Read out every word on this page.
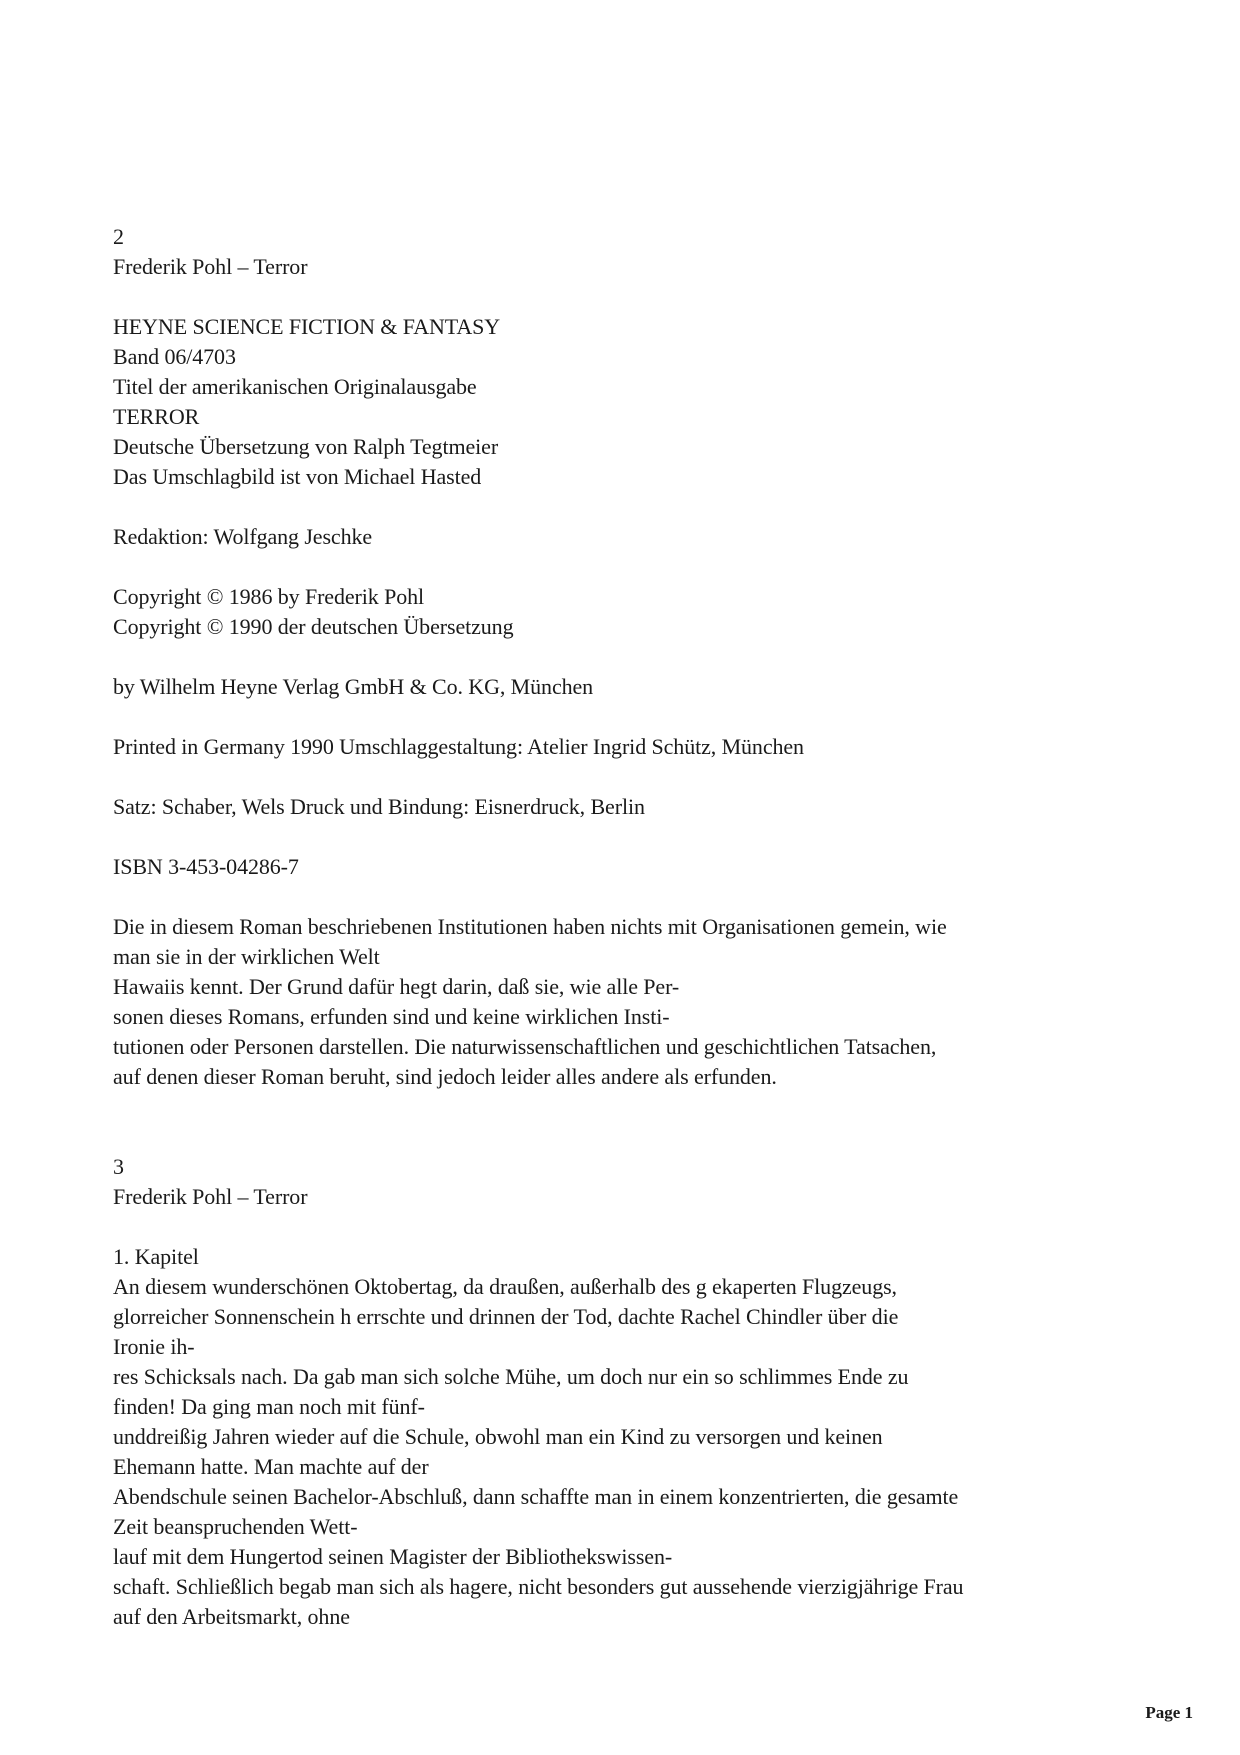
2
Frederik Pohl – Terror
HEYNE SCIENCE FICTION & FANTASY
Band 06/4703
Titel der amerikanischen Originalausgabe
TERROR
Deutsche Übersetzung von Ralph Tegtmeier
Das Umschlagbild ist von Michael Hasted
Redaktion: Wolfgang Jeschke
Copyright © 1986 by Frederik Pohl
Copyright © 1990 der deutschen Übersetzung
by Wilhelm Heyne Verlag GmbH & Co. KG, München
Printed in Germany 1990 Umschlaggestaltung: Atelier Ingrid Schütz, München
Satz: Schaber, Wels Druck und Bindung: Eisnerdruck, Berlin
ISBN 3-453-04286-7
Die in diesem Roman beschriebenen Institutionen haben nichts mit Organisationen gemein, wie
man sie in der wirklichen Welt
Hawaiis kennt. Der Grund dafür hegt darin, daß sie, wie alle Per-
sonen dieses Romans, erfunden sind und keine wirklichen Insti-
tutionen oder Personen darstellen. Die naturwissenschaftlichen und geschichtlichen Tatsachen,
auf denen dieser Roman beruht, sind jedoch leider alles andere als erfunden.
3
Frederik Pohl – Terror
1. Kapitel
An diesem wunderschönen Oktobertag, da draußen, außerhalb des g ekaperten Flugzeugs,
glorreicher Sonnenschein h errschte und drinnen der Tod, dachte Rachel Chindler über die
Ironie ih-
res Schicksals nach. Da gab man sich solche Mühe, um doch nur ein so schlimmes Ende zu
finden! Da ging man noch mit fünf-
unddreißig Jahren wieder auf die Schule, obwohl man ein Kind zu versorgen und keinen
Ehemann hatte. Man machte auf der
Abendschule seinen Bachelor-Abschluß, dann schaffte man in einem konzentrierten, die gesamte
Zeit beanspruchenden Wett-
lauf mit dem Hungertod seinen Magister der Bibliothekswissen-
schaft. Schließlich begab man sich als hagere, nicht besonders gut aussehende vierzigjährige Frau
auf den Arbeitsmarkt, ohne
Page 1
